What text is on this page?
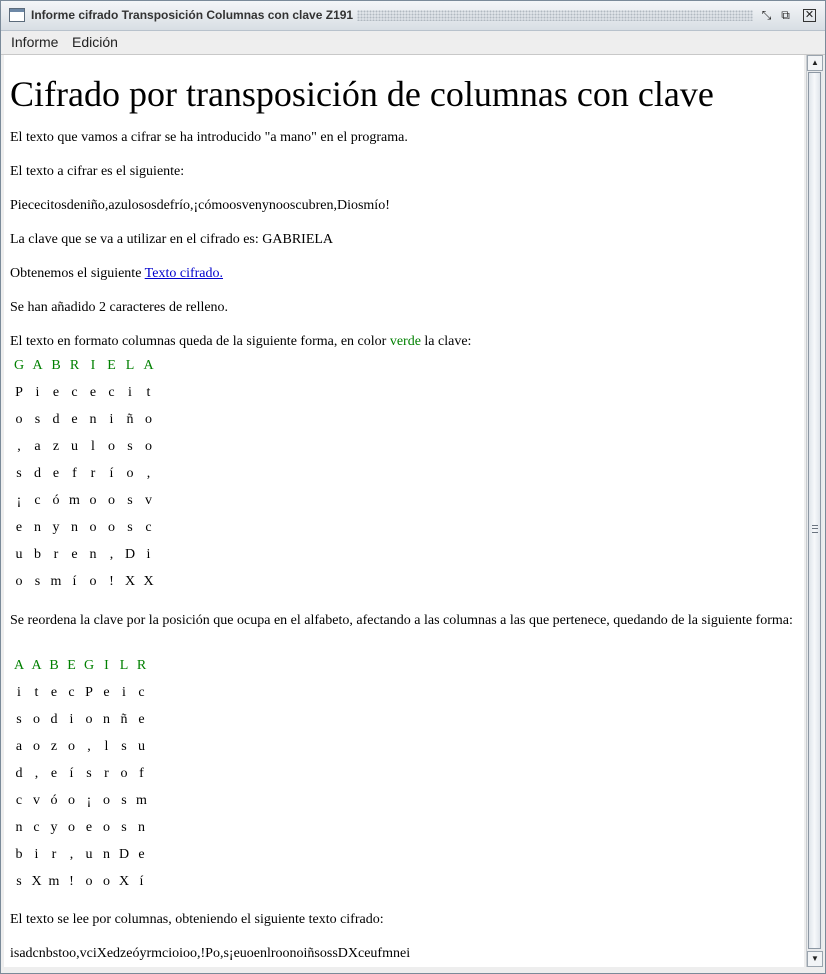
Informe cifrado Transposición Columnas con clave Z191	⤡ ⧉ ✕
Informe Edición
Cifrado por transposición de columnas con clave

El texto que vamos a cifrar se ha introducido "a mano" en el programa.

El texto a cifrar es el siguiente:

Piececitosdeniño,azulososdefrío,¡cómoosvenynooscubren,Diosmío!

La clave que se va a utilizar en el cifrado es: GABRIELA

Obtenemos el siguiente Texto cifrado.

Se han añadido 2 caracteres de relleno.

El texto en formato columnas queda de la siguiente forma, en color verde la clave:

G A B R I E L A
P i e c e c i	t
o s d e n i ñ o
, a z u l o s o
s d e f r	í o ,
¡ c ó m o o s v
e n y n o o s c
u b r e n , D i
o s m í o ! X X

Se reordena la clave por la posición que ocupa en el alfabeto, afectando a las columnas a las que pertenece, quedando de la siguiente forma:

A A B E G I L R
i t e c P e i c
s o d i o n ñ e
a o z o , l s u
d , e í s r o f
c v ó o ¡ o s m
n c y o e o s n
b i r , u n D e
s X m ! o o X í

El texto se lee por columnas, obteniendo el siguiente texto cifrado:

isadcnbstoo,vciXedzeóyrmcioioo,!Po,s¡euoenlroonoiñsossDXceufmnei

▲
▼
